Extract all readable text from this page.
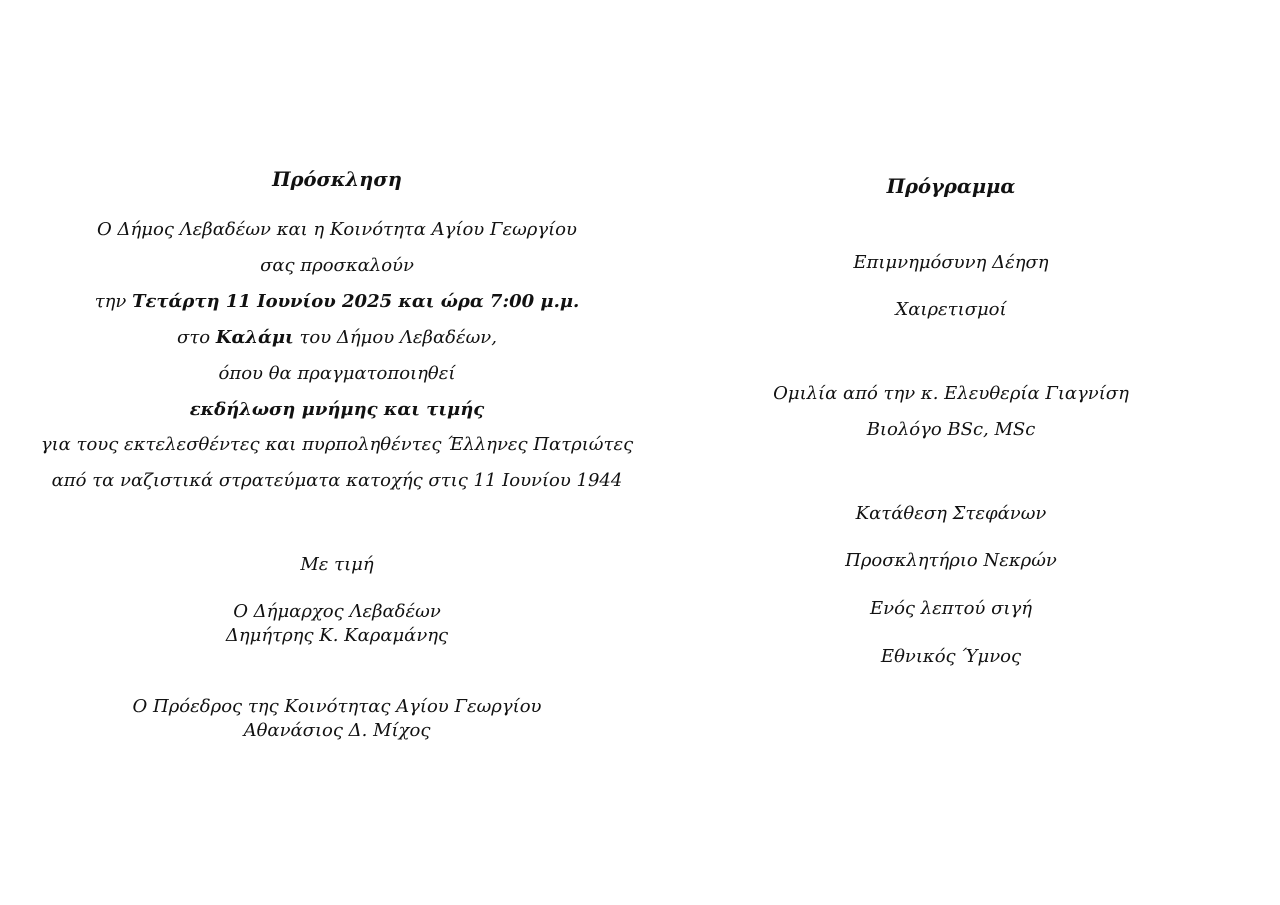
Πρόσκληση
Ο Δήμος Λεβαδέων και η Κοινότητα Αγίου Γεωργίου
σας προσκαλούν
την Τετάρτη 11 Ιουνίου 2025 και ώρα 7:00 μ.μ.
στο Καλάμι του Δήμου Λεβαδέων,
όπου θα πραγματοποιηθεί
εκδήλωση μνήμης και τιμής
για τους εκτελεσθέντες και πυρποληθέντες Έλληνες Πατριώτες
από τα ναζιστικά στρατεύματα κατοχής στις 11 Ιουνίου 1944
Με τιμή
Ο Δήμαρχος Λεβαδέων
Δημήτρης Κ. Καραμάνης
Ο Πρόεδρος της Κοινότητας Αγίου Γεωργίου
Αθανάσιος Δ. Μίχος
Πρόγραμμα
Επιμνημόσυνη Δέηση
Χαιρετισμοί
Ομιλία από την κ. Ελευθερία Γιαγνίση
Βιολόγο BSc, MSc
Κατάθεση Στεφάνων
Προσκλητήριο Νεκρών
Ενός λεπτού σιγή
Εθνικός Ύμνος
